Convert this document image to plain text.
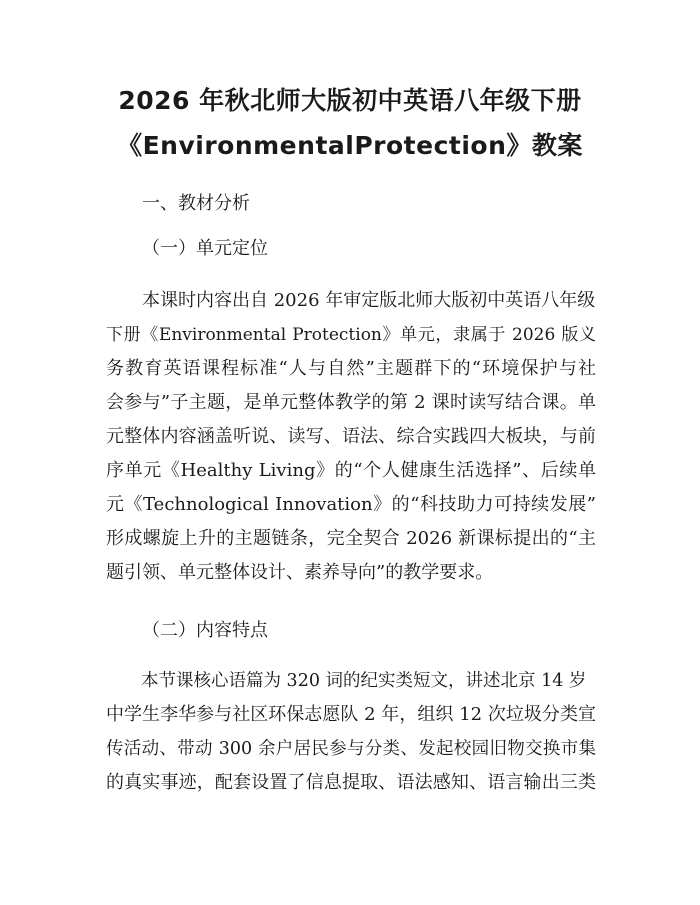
2026 年秋北师大版初中英语八年级下册
《EnvironmentalProtection》教案
一、教材分析
（一）单元定位
　　本课时内容出自 2026 年审定版北师大版初中英语八年级
下册《Environmental Protection》单元，隶属于 2026 版义
务教育英语课程标准“人与自然”主题群下的“环境保护与社
会参与”子主题，是单元整体教学的第 2 课时读写结合课。单
元整体内容涵盖听说、读写、语法、综合实践四大板块，与前
序单元《Healthy Living》的“个人健康生活选择”、后续单
元《Technological Innovation》的“科技助力可持续发展”
形成螺旋上升的主题链条，完全契合 2026 新课标提出的“主
题引领、单元整体设计、素养导向”的教学要求。
（二）内容特点
　　本节课核心语篇为 320 词的纪实类短文，讲述北京 14 岁
中学生李华参与社区环保志愿队 2 年，组织 12 次垃圾分类宣
传活动、带动 300 余户居民参与分类、发起校园旧物交换市集
的真实事迹，配套设置了信息提取、语法感知、语言输出三类
